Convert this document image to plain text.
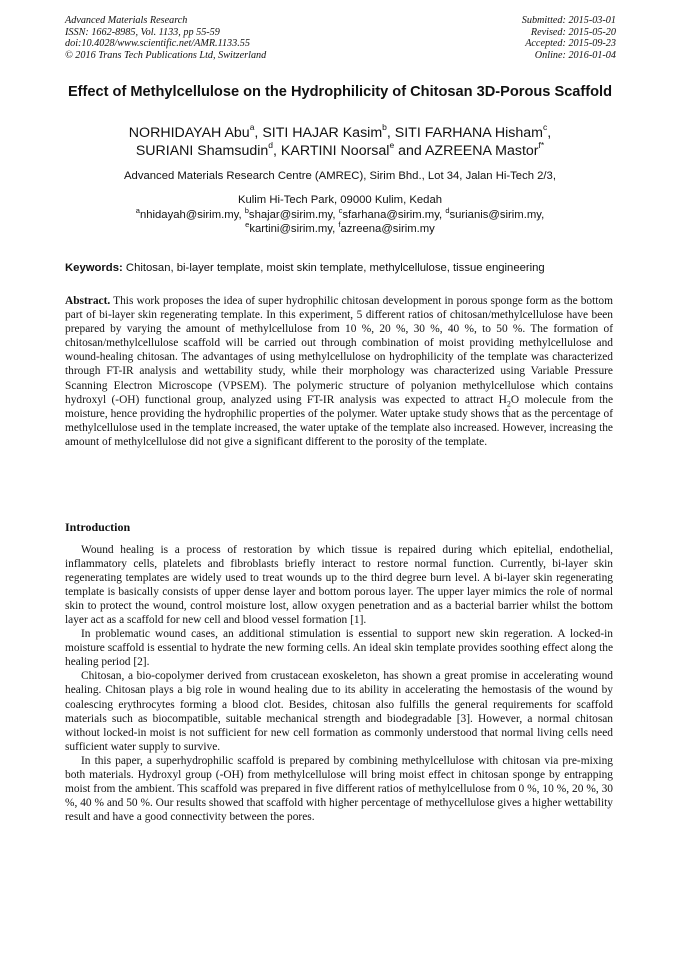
Advanced Materials Research
ISSN: 1662-8985, Vol. 1133, pp 55-59
doi:10.4028/www.scientific.net/AMR.1133.55
© 2016 Trans Tech Publications Ltd, Switzerland
Submitted: 2015-03-01
Revised: 2015-05-20
Accepted: 2015-09-23
Online: 2016-01-04
Effect of Methylcellulose on the Hydrophilicity of Chitosan 3D-Porous Scaffold
NORHIDAYAH Abu$^a$, SITI HAJAR Kasim$^b$, SITI FARHANA Hisham$^c$,
SURIANI Shamsudin$^d$, KARTINI Noorsal$^e$ and AZREENA Mastor$^{f*}$
Advanced Materials Research Centre (AMREC), Sirim Bhd., Lot 34, Jalan Hi-Tech 2/3,
Kulim Hi-Tech Park, 09000 Kulim, Kedah
$^a$nhidayah@sirim.my, $^b$shajar@sirim.my, $^c$sfarhana@sirim.my, $^d$surianis@sirim.my,
$^e$kartini@sirim.my, $^f$azreena@sirim.my
Keywords: Chitosan, bi-layer template, moist skin template, methylcellulose, tissue engineering
Abstract. This work proposes the idea of super hydrophilic chitosan development in porous sponge form as the bottom part of bi-layer skin regenerating template. In this experiment, 5 different ratios of chitosan/methylcellulose have been prepared by varying the amount of methylcellulose from 10 %, 20 %, 30 %, 40 %, to 50 %. The formation of chitosan/methylcellulose scaffold will be carried out through combination of moist providing methylcellulose and wound-healing chitosan. The advantages of using methylcellulose on hydrophilicity of the template was characterized through FT-IR analysis and wettability study, while their morphology was characterized using Variable Pressure Scanning Electron Microscope (VPSEM). The polymeric structure of polyanion methylcellulose which contains hydroxyl (-OH) functional group, analyzed using FT-IR analysis was expected to attract $H_2O$ molecule from the moisture, hence providing the hydrophilic properties of the polymer. Water uptake study shows that as the percentage of methylcellulose used in the template increased, the water uptake of the template also increased. However, increasing the amount of methylcellulose did not give a significant different to the porosity of the template.
Introduction

Wound healing is a process of restoration by which tissue is repaired during which epitelial, endothelial, inflammatory cells, platelets and fibroblasts briefly interact to restore normal function. Currently, bi-layer skin regenerating templates are widely used to treat wounds up to the third degree burn level. A bi-layer skin regenerating template is basically consists of upper dense layer and bottom porous layer. The upper layer mimics the role of normal skin to protect the wound, control moisture lost, allow oxygen penetration and as a bacterial barrier whilst the bottom layer act as a scaffold for new cell and blood vessel formation [1].

In problematic wound cases, an additional stimulation is essential to support new skin regeration. A locked-in moisture scaffold is essential to hydrate the new forming cells. An ideal skin template provides soothing effect along the healing period [2].

Chitosan, a bio-copolymer derived from crustacean exoskeleton, has shown a great promise in accelerating wound healing. Chitosan plays a big role in wound healing due to its ability in accelerating the hemostasis of the wound by coalescing erythrocytes forming a blood clot. Besides, chitosan also fulfills the general requirements for scaffold materials such as biocompatible, suitable mechanical strength and biodegradable [3]. However, a normal chitosan without locked-in moist is not sufficient for new cell formation as commonly understood that normal living cells need sufficient water supply to survive.

In this paper, a superhydrophilic scaffold is prepared by combining methylcellulose with chitosan via pre-mixing both materials. Hydroxyl group (-OH) from methylcellulose will bring moist effect in chitosan sponge by entrapping moist from the ambient. This scaffold was prepared in five different ratios of methylcellulose from 0 %, 10 %, 20 %, 30 %, 40 % and 50 %. Our results showed that scaffold with higher percentage of methycellulose gives a higher wettability result and have a good connectivity between the pores.
